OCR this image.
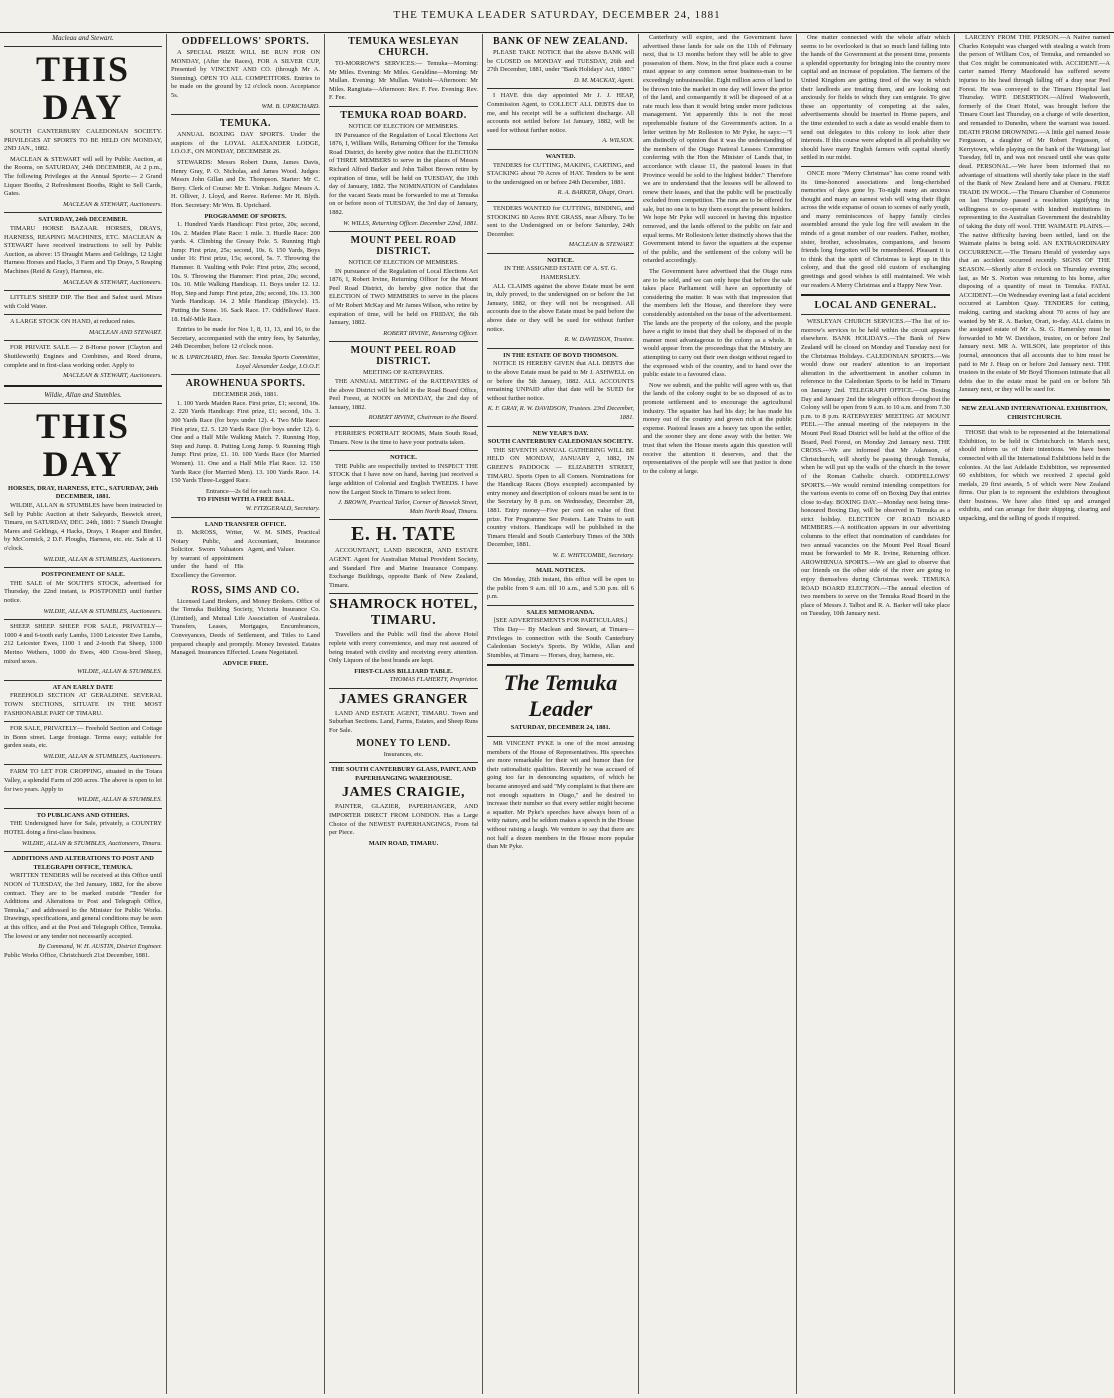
THE TEMUKA LEADER SATURDAY, DECEMBER 24, 1881
Macleau and Stewart.
THIS DAY

SOUTH CANTERBURY CALEDONIAN SOCIETY. PRIVILEGES AT SPORTS TO BE HELD ON MONDAY, 2ND JAN., 1882.

MACLEAN & STEWART will sell by Public Auction, at the Rooms, on SATURDAY, 24th DECEMBER, At 2 p.m., The following Privileges at the Annual Sports:— 2 Grand Liquor Booths, 2 Refreshment Booths, Right to Sell Cards, Gates.

MACLEAN & STEWART, Auctioneers.
SATURDAY, 24th DECEMBER.

TIMARU HORSE BAZAAR. HORSES, DRAYS, HARNESS, REAPING MACHINES, ETC. MACLEAN & STEWART have received instructions to sell by Public Auction, as above: 15 Draught Mares and Geldings, 12 Light Harness Horses and Hacks, 3 Farm and Tip Drays, 5 Reaping Machines (Reid & Gray), Harness, etc.

MACLEAN & STEWART, Auctioneers.

LITTLE'S SHEEP DIP. The Best and Safest used. Mixes with Cold Water.

A LARGE STOCK ON HAND, at reduced rates.

MACLEAN AND STEWART.

FOR PRIVATE SALE.— 2 8-Horse power (Clayton and Shuttleworth) Engines and Combines, and Reed drums, complete and in first-class working order. Apply to

MACLEAN & STEWART, Auctioneers.
Wildie, Allan and Stumbles.
THIS DAY
HORSES, DRAY, HARNESS, ETC., SATURDAY, 24th DECEMBER, 1881.

WILDIE, ALLAN & STUMBLES have been instructed to Sell by Public Auction at their Saleyards, Beswick street, Timaru, on SATURDAY, DEC. 24th, 1881: 7 Stanch Draught Mares and Geldings, 4 Hacks, Drays, 1 Reaper and Binder, by McCormick, 2 D.F. Ploughs, Harness, etc. etc. Sale at 11 o'clock.

WILDIE, ALLAN & STUMBLES, Auctioneers.
POSTPONEMENT OF SALE.

THE SALE of Mr SOUTH'S STOCK, advertised for Thursday, the 22nd instant, is POSTPONED until further notice.

WILDIE, ALLAN & STUMBLES, Auctioneers.

SHEEP. SHEEP. SHEEP. FOR SALE, PRIVATELY— 1000 4 and 6-tooth early Lambs, 1100 Leicester Ewe Lambs, 212 Leicester Ewes, 1100 1 and 2-tooth Fat Sheep, 1100 Merino Wethers, 1000 do Ewes, 400 Cross-bred Sheep, mixed sexes.

WILDIE, ALLAN & STUMBLES.
AT AN EARLY DATE

FREEHOLD SECTION AT GERALDINE. SEVERAL TOWN SECTIONS, SITUATE IN THE MOST FASHIONABLE PART OF TIMARU.

FOR SALE, PRIVATELY— Freehold Section and Cottage in Bonn street. Large frontage. Terms easy; suitable for garden seats, etc.

WILDIE, ALLAN & STUMBLES, Auctioneers.

FARM TO LET FOR CROPPING, situated in the Totara Valley, a splendid Farm of 200 acres. The above is open to let for two years. Apply to

WILDIE, ALLAN & STUMBLES.
TO PUBLICANS AND OTHERS.

THE Undersigned have for Sale, privately, a COUNTRY HOTEL doing a first-class business.

WILDIE, ALLAN & STUMBLES, Auctioneers, Timaru.
ADDITIONS AND ALTERATIONS TO POST AND TELEGRAPH OFFICE, TEMUKA.

WRITTEN TENDERS will be received at this Office until NOON of TUESDAY, the 3rd January, 1882, for the above contract. They are to be marked outside "Tender for Additions and Alterations to Post and Telegraph Office, Temuka," and addressed to the Minister for Public Works. Drawings, specifications, and general conditions may be seen at this office, and at the Post and Telegraph Office, Temuka. The lowest or any tender not necessarily accepted.

By Command, W. H. AUSTIN, District Engineer.
Public Works Office, Christchurch 21st December, 1881.
ODDFELLOWS' SPORTS.

A SPECIAL PRIZE WILL BE RUN FOR ON MONDAY, (After the Races), FOR A SILVER CUP, Presented by VINCENT AND CO. (through Mr A. Stenning). OPEN TO ALL COMPETITORS. Entries to be made on the ground by 12 o'clock noon. Acceptance 5s.

WM. B. UPRICHARD.
TEMUKA.

ANNUAL BOXING DAY SPORTS. Under the auspices of the LOYAL ALEXANDER LODGE, I.O.O.F., ON MONDAY, DECEMBER 26.

STEWARDS: Messrs Robert Dunn, James Davis, Henry Gray, P. O. Nicholas, and James Wood. Judges: Messrs John Gillan and Dr. Thompson. Starter: Mr C. Berry. Clerk of Course: Mr E. Vinkar. Judges: Messrs A. H. Olliver, J. Lloyd, and Reeve. Referee: Mr H. Blyth. Hon. Secretary: Mr Wm. B. Uprichard.

PROGRAMME OF SPORTS.

1. Hundred Yards Handicap: First prize, 20s; second, 10s. 2. Maiden Plate Race: 1 mile. 3. Hurdle Race: 200 yards. 4. Climbing the Greasy Pole. 5. Running High Jump: First prize, 25s; second, 10s. 6. 150 Yards, Boys under 16: First prize, 15s; second, 5s. 7. Throwing the Hammer. 8. Vaulting with Pole: First prize, 20s; second, 10s. 9. Throwing the Hammer: First prize, 20s; second, 10s. 10. Mile Walking Handicap. 11. Boys under 12. 12. Hop, Step and Jump: First prize, 20s; second, 10s. 13. 300 Yards Handicap. 14. 2 Mile Handicap (Bicycle). 15. Putting the Stone. 16. Sack Race. 17. Oddfellows' Race. 18. Half-Mile Race.

Entries to be made for Nos 1, 8, 11, 13, and 16, to the Secretary, accompanied with the entry fees, by Saturday, 24th December, before 12 o'clock noon.

W. B. UPRICHARD, Hon. Sec. Temuka Sports Committee, Loyal Alexander Lodge, I.O.O.F.
AROWHENUA SPORTS.
DECEMBER 26th, 1881.

1. 100 Yards Maiden Race. First prize, £1; second, 10s. 2. 220 Yards Handicap: First prize, £1; second, 10s. 3. 300 Yards Race (for boys under 12). 4. Two Mile Race: First prize, £2. 5. 120 Yards Race (for boys under 12). 6. One and a Half Mile Walking Match. 7. Running Hop, Step and Jump. 8. Putting Long Jump. 9. Running High Jump: First prize, £1. 10. 100 Yards Race (for Married Women). 11. One and a Half Mile Flat Race. 12. 150 Yards Race (for Married Men). 13. 100 Yards Race. 14. 150 Yards Three-Legged Race.

Entrance—2s 6d for each race.
TO FINISH WITH A FREE BALL.
W. FITZGERALD, Secretary.
LAND TRANSFER OFFICE.

D. McROSS, Writer, Notary Public, and Solicitor. Sworn Valuators by warrant of appointment under the hand of His Excellency the Governor.

W. M. SIMS, Practical Accountant, Insurance Agent, and Valuer.

ROSS, SIMS AND CO.

Licensed Land Brokers, and Money Brokers. Office of the Temuka Building Society, Victoria Insurance Co. (Limited), and Mutual Life Association of Australasia. Transfers, Leases, Mortgages, Encumbrances, Conveyances, Deeds of Settlement, and Titles to Land prepared cheaply and promptly. Money Invested. Estates Managed. Insurances Effected. Loans Negotiated.

ADVICE FREE.
TEMUKA WESLEYAN CHURCH.

TO-MORROW'S SERVICES:— Temuka—Morning: Mr Miles. Evening: Mr Miles. Geraldine—Morning: Mr Mullan. Evening: Mr Mullan. Waitohi—Afternoon: Mr Miles. Rangitata—Afternoon: Rev. F. Fee. Evening: Rev. F. Fee.

TEMUKA ROAD BOARD.
NOTICE OF ELECTION OF MEMBERS.

IN Pursuance of the Regulation of Local Elections Act 1876, I, William Wills, Returning Officer for the Temuka Road District, do hereby give notice that the ELECTION of THREE MEMBERS to serve in the places of Messrs Richard Alfred Barker and John Talbot Brown retire by expiration of time, will be held on TUESDAY, the 10th day of January, 1882. The NOMINATION of Candidates for the vacant Seats must be forwarded to me at Temuka on or before noon of TUESDAY, the 3rd day of January, 1882.

W. WILLS, Returning Officer. December 22nd, 1881.
MOUNT PEEL ROAD DISTRICT.
NOTICE OF ELECTION OF MEMBERS.

IN pursuance of the Regulation of Local Elections Act 1876, I, Robert Irvine, Returning Officer for the Mount Peel Road District, do hereby give notice that the ELECTION of TWO MEMBERS to serve in the places of Mr Robert McKay and Mr James Wilson, who retire by expiration of time, will be held on FRIDAY, the 6th January, 1882.

ROBERT IRVINE, Returning Officer.
MOUNT PEEL ROAD DISTRICT.
MEETING OF RATEPAYERS.

THE ANNUAL MEETING of the RATEPAYERS of the above District will be held in the Road Board Office, Peel Forest, at NOON on MONDAY, the 2nd day of January, 1882.

ROBERT IRVINE, Chairman to the Board.

FERRIER'S PORTRAIT ROOMS, Main South Road, Timaru. Now is the time to have your portraits taken.

NOTICE.

THE Public are respectfully invited to INSPECT THE STOCK that I have now on hand, having just received a large addition of Colonial and English TWEEDS. I have now the Largest Stock in Timaru to select from.

J. BROWN, Practical Tailor, Corner of Beswick Street, Main North Road, Timaru.
E. H. TATE

ACCOUNTANT, LAND BROKER, AND ESTATE AGENT. Agent for Australian Mutual Provident Society, and Standard Fire and Marine Insurance Company. Exchange Buildings, opposite Bank of New Zealand, Timaru.

SHAMROCK HOTEL, TIMARU.

Travellers and the Public will find the above Hotel replete with every convenience, and may rest assured of being treated with civility and receiving every attention. Only Liquors of the best brands are kept.

FIRST-CLASS BILLIARD TABLE.
THOMAS FLAHERTY, Proprietor.
JAMES GRANGER

LAND AND ESTATE AGENT, TIMARU. Town and Suburban Sections. Land, Farms, Estates, and Sheep Runs For Sale.

MONEY TO LEND.
Insurances, etc.
THE SOUTH CANTERBURY GLASS, PAINT, AND PAPERHANGING WAREHOUSE.
JAMES CRAIGIE,

PAINTER, GLAZIER, PAPERHANGER, AND IMPORTER DIRECT FROM LONDON. Has a Large Choice of the NEWEST PAPERHANGINGS, From 6d per Piece.

MAIN ROAD, TIMARU.
BANK OF NEW ZEALAND.

PLEASE TAKE NOTICE that the above BANK will be CLOSED on MONDAY and TUESDAY, 26th and 27th December, 1881, under "Bank Holidays' Act, 1880."

D. M. MACKAY, Agent.

I HAVE this day appointed Mr J. J. HEAP, Commission Agent, to COLLECT ALL DEBTS due to me, and his receipt will be a sufficient discharge. All accounts not settled before 1st January, 1882, will be sued for without further notice.

A. WILSON.
WANTED.

TENDERS for CUTTING, MAKING, CARTING, and STACKING about 70 Acres of HAY. Tenders to be sent to the undersigned on or before 24th December, 1881.

R. A. BARKER, Ohapi, Orari.

TENDERS WANTED for CUTTING, BINDING, and STOOKING 80 Acres RYE GRASS, near Albury. To be sent to the Undersigned on or before Saturday, 24th December.

MACLEAN & STEWART.
NOTICE.
IN THE ASSIGNED ESTATE OF A. ST. G. HAMERSLEY.

ALL CLAIMS against the above Estate must be sent in, duly proved, to the undersigned on or before the 1st January, 1882, or they will not be recognised. All accounts due to the above Estate must be paid before the above date or they will be sued for without further notice.

R. W. DAVIDSON, Trustee.
IN THE ESTATE OF BOYD THOMSON.

NOTICE IS HEREBY GIVEN that ALL DEBTS due to the above Estate must be paid to Mr J. ASHWELL on or before the 5th January, 1882. ALL ACCOUNTS remaining UNPAID after that date will be SUED for without further notice.

K. F. GRAY, R. W. DAVIDSON, Trustees. 23rd December, 1881.
NEW YEAR'S DAY.
SOUTH CANTERBURY CALEDONIAN SOCIETY.

THE SEVENTH ANNUAL GATHERING WILL BE HELD ON MONDAY, JANUARY 2, 1882, IN GREEN'S PADDOCK — ELIZABETH STREET, TIMARU. Sports Open to all Comers. Nominations for the Handicap Races (Boys excepted) accompanied by entry money and description of colours must be sent in to the Secretary by 8 p.m. on Wednesday, December 28, 1881. Entry money—Five per cent on value of first prize. For Programme See Posters. Late Trains to suit country visitors. Handicaps will be published in the Timaru Herald and South Canterbury Times of the 30th December, 1881.

W. E. WHITCOMBE, Secretary.
MAIL NOTICES.

On Monday, 26th instant, this office will be open to the public from 9 a.m. till 10 a.m., and 5.30 p.m. till 6 p.m.

SALES MEMORANDA.
[SEE ADVERTISEMENTS FOR PARTICULARS.]

This Day— By Maclean and Stewart, at Timaru— Privileges in connection with the South Canterbury Caledonian Society's Sports. By Wildie, Allan and Stumbles, at Timaru — Horses, dray, harness, etc.

The Temuka Leader
SATURDAY, DECEMBER 24, 1881.

MR VINCENT PYKE is one of the most amusing members of the House of Representatives. His speeches are more remarkable for their wit and humor than for their rationalistic qualities. Recently he was accused of going too far in denouncing squatters, of which he became annoyed and said "My complaint is that there are not enough squatters in Otago," and he desired to increase their number so that every settler might become a squatter. Mr Pyke's speeches have always been of a witty nature, and he seldom makes a speech in the House without raising a laugh. We venture to say that there are not half a dozen members in the House more popular than Mr Pyke.

Canterbury will expire, and the Government have advertised these lands for sale on the 11th of February next, that is 13 months before they will be able to give possession of them. Now, in the first place such a course must appear to any common sense business-man to be exceedingly unbusinesslike. Eight million acres of land to be thrown into the market in one day will lower the price of the land, and consequently it will be disposed of at a rate much less than it would bring under more judicious management. Yet apparently this is not the most reprehensible feature of the Government's action. In a letter written by Mr Rolleston to Mr Pyke, he says:—"I am distinctly of opinion that it was the understanding of the members of the Otago Pastoral Lessees Committee conferring with the Hon the Minister of Lands that, in accordance with clause 11, the pastoral leases in that Province would be sold to the highest bidder." Therefore we are to understand that the lessees will be allowed to renew their leases, and that the public will be practically excluded from competition. The runs are to be offered for sale, but no one is to buy them except the present holders. We hope Mr Pyke will succeed in having this injustice removed, and the lands offered to the public on fair and equal terms. Mr Rolleston's letter distinctly shows that the Government intend to favor the squatters at the expense of the public, and the settlement of the colony will be retarded accordingly.

The Government have advertised that the Otago runs are to be sold, and we can only hope that before the sale takes place Parliament will have an opportunity of considering the matter. It was with that impression that the members left the House, and therefore they were considerably astonished on the issue of the advertisement. The lands are the property of the colony, and the people have a right to insist that they shall be disposed of in the manner most advantageous to the colony as a whole. It would appear from the proceedings that the Ministry are attempting to carry out their own design without regard to the expressed wish of the country, and to hand over the public estate to a favoured class.

Now we submit, and the public will agree with us, that the lands of the colony ought to be so disposed of as to promote settlement and to encourage the agricultural industry. The squatter has had his day; he has made his money out of the country and grown rich at the public expense. Pastoral leases are a heavy tax upon the settler, and the sooner they are done away with the better. We trust that when the House meets again this question will receive the attention it deserves, and that the representatives of the people will see that justice is done to the colony at large.

One matter connected with the whole affair which seems to be overlooked is that so much land falling into the hands of the Government at the present time, presents a splendid opportunity for bringing into the country more capital and an increase of population. The farmers of the United Kingdom are getting tired of the way in which their landlords are treating them, and are looking out anxiously for fields to which they can emigrate. To give these an opportunity of competing at the sales, advertisements should be inserted in Home papers, and the time extended to such a date as would enable them to send out delegates to this colony to look after their interests. If this course were adopted in all probability we should have many English farmers with capital shortly settled in our midst.

ONCE more "Merry Christmas" has come round with its time-honored associations and long-cherished memories of days gone by. To-night many an anxious thought and many an earnest wish will wing their flight across the wide expanse of ocean to scenes of early youth, and many reminiscences of happy family circles assembled around the yule log fire will awaken in the minds of a great number of our readers. Father, mother, sister, brother, schoolmates, companions, and bosom friends long forgotten will be remembered. Pleasant it is to think that the spirit of Christmas is kept up in this colony, and that the good old custom of exchanging greetings and good wishes is still maintained. We wish our readers A Merry Christmas and a Happy New Year.

LOCAL AND GENERAL.

WESLEYAN CHURCH SERVICES.—The list of to-morrow's services to be held within the circuit appears elsewhere. BANK HOLIDAYS.—The Bank of New Zealand will be closed on Monday and Tuesday next for the Christmas Holidays. CALEDONIAN SPORTS.—We would draw our readers' attention to an important alteration in the advertisement in another column in reference to the Caledonian Sports to be held in Timaru on January 2nd. TELEGRAPH OFFICE.—On Boxing Day and January 2nd the telegraph offices throughout the Colony will be open from 9 a.m. to 10 a.m. and from 7.30 p.m. to 8 p.m. RATEPAYERS' MEETING AT MOUNT PEEL.—The annual meeting of the ratepayers in the Mount Peel Road District will be held at the office of the Board, Peel Forest, on Monday 2nd January next. THE CROSS.—We are informed that Mr Adamson, of Christchurch, will shortly be passing through Temuka, when he will put up the walls of the church in the tower of the Roman Catholic church. ODDFELLOWS' SPORTS.—We would remind intending competitors for the various events to come off on Boxing Day that entries close to-day. BOXING DAY.—Monday next being time-honoured Boxing Day, will be observed in Temuka as a strict holiday. ELECTION OF ROAD BOARD MEMBERS.—A notification appears in our advertising columns to the effect that nomination of candidates for two annual vacancies on the Mount Peel Road Board must be forwarded to Mr R. Irvine, Returning officer. AROWHENUA SPORTS.—We are glad to observe that our friends on the other side of the river are going to enjoy themselves during Christmas week. TEMUKA ROAD BOARD ELECTION.—The annual election of two members to serve on the Temuka Road Board in the place of Messrs J. Talbot and R. A. Barker will take place on Tuesday, 10th January next.

LARCENY FROM THE PERSON.—A Native named Charles Kotepahi was charged with stealing a watch from the person of William Cox, of Temuka, and remanded so that Cox might be communicated with. ACCIDENT.—A carter named Henry Macdonald has suffered severe injuries to his head through falling off a dray near Peel Forest. He was conveyed to the Timaru Hospital last Thursday. WIFE DESERTION.—Alfred Wadsworth, formerly of the Orari Hotel, was brought before the Timaru Court last Thursday, on a charge of wife desertion, and remanded to Dunedin, where the warrant was issued. DEATH FROM DROWNING.—A little girl named Jessie Fergusson, a daughter of Mr Robert Fergusson, of Kerrytown, while playing on the bank of the Waitangi last Tuesday, fell in, and was not rescued until she was quite dead. PERSONAL.—We have been informed that no advantage of situations will shortly take place in the staff of the Bank of New Zealand here and at Osmaru. FREE TRADE IN WOOL.—The Timaru Chamber of Commerce on last Thursday passed a resolution signifying its willingness to co-operate with kindred institutions in representing to the Australian Government the desirability of taking the duty off wool. THE WAIMATE PLAINS.—The native difficulty having been settled, land on the Waimate plains is being sold. AN EXTRAORDINARY OCCURRENCE.—The Timaru Herald of yesterday says that an accident occurred recently. SIGNS OF THE SEASON.—Shortly after 8 o'clock on Thursday evening last, as Mr S. Norton was returning to his home, after disposing of a quantity of meat in Temuka. FATAL ACCIDENT.—On Wednesday evening last a fatal accident occurred at Lambton Quay. TENDERS for cutting, making, carting and stacking about 70 acres of hay are wanted by Mr R. A. Barker, Orari, to-day. ALL claims in the assigned estate of Mr A. St. G. Hamersley must be forwarded to Mr W. Davidson, trustee, on or before 2nd January next. MR A. WILSON, late proprietor of this journal, announces that all accounts due to him must be paid to Mr J. Heap on or before 2nd January next. THE trustees in the estate of Mr Boyd Thomson intimate that all debts due to the estate must be paid on or before 5th January next, or they will be sued for.

NEW ZEALAND INTERNATIONAL EXHIBITION, CHRISTCHURCH.

THOSE that wish to be represented at the International Exhibition, to be held in Christchurch in March next, should inform us of their intentions. We have been connected with all the International Exhibitions held in the colonies. At the last Adelaide Exhibition, we represented 60 exhibitors, for which we received 2 special gold medals, 29 first awards, 5 of which were New Zealand firms. Our plan is to represent the exhibitors throughout their business. We have also fitted up and arranged exhibits, and can arrange for their shipping, clearing and unpacking, and the selling of goods if required.
